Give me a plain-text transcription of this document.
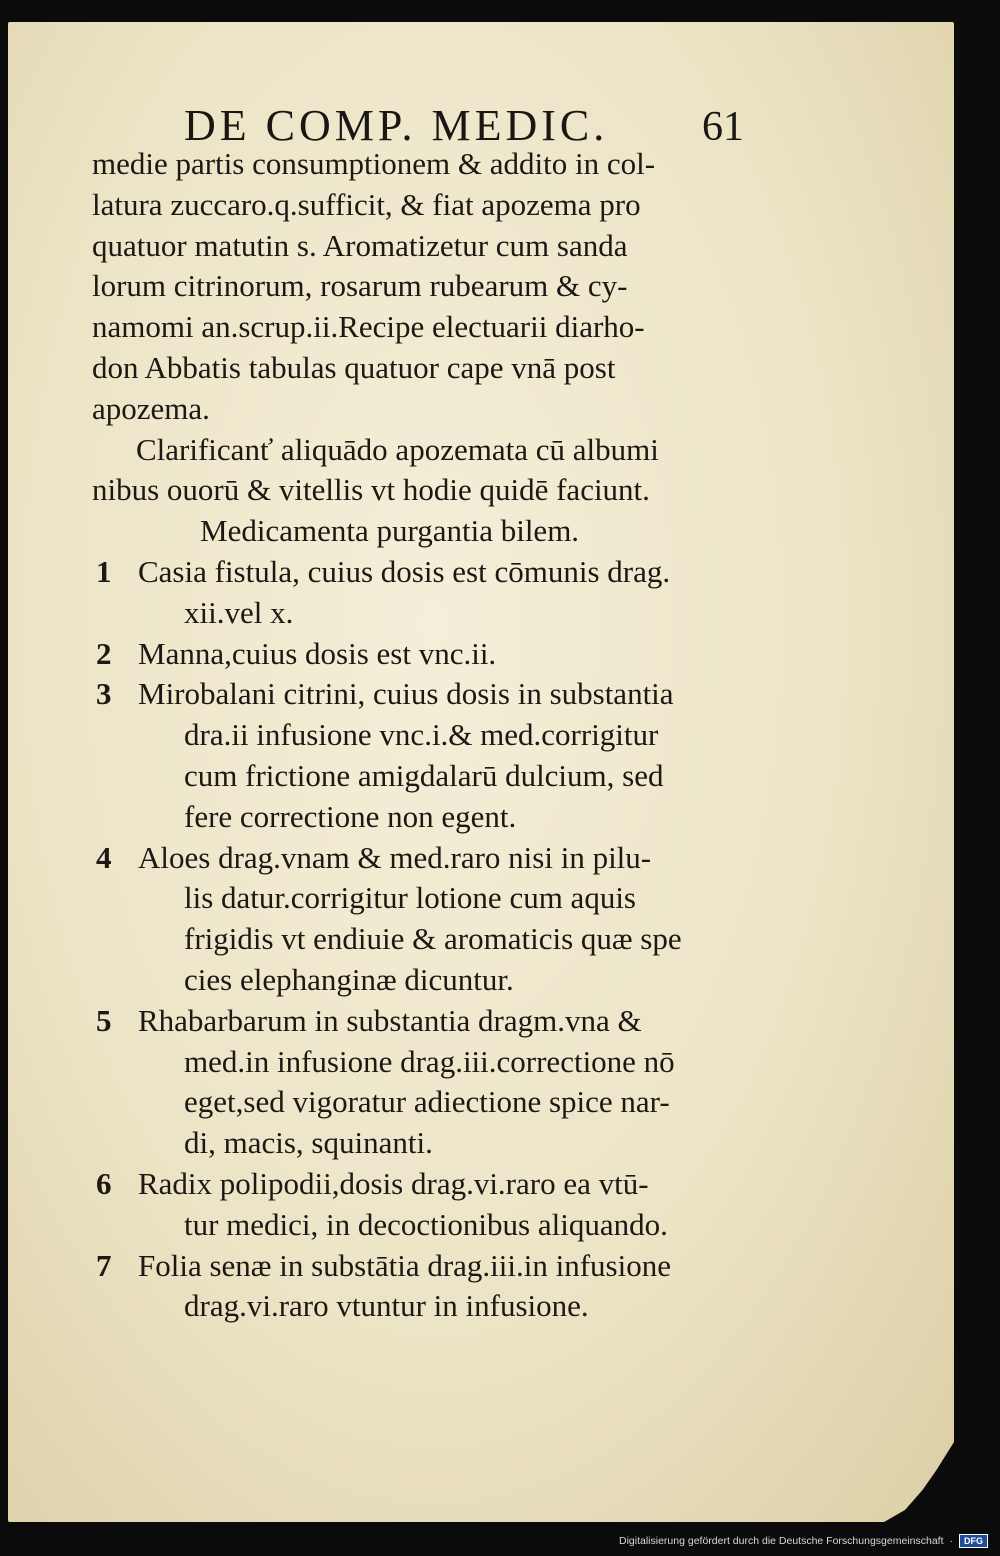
DE COMP. MEDIC. 61
medie partis consumptionem & addito in col-
latura zuccaro.q.sufficit, & fiat apozema pro
quatuor matutin s. Aromatizetur cum sanda
lorum citrinorum, rosarum rubearum & cy-
namomi an.scrup.ii.Recipe electuarii diarho-
don Abbatis tabulas quatuor cape vnā post
apozema.
Clarificanť aliquādo apozemata cū albumi
nibus ouorū & vitellis vt hodie quidē faciunt.
Medicamenta purgantia bilem.
1 Casia fistula, cuius dosis est cōmunis drag.
xii.vel x.
2 Manna,cuius dosis est vnc.ii.
3 Mirobalani citrini, cuius dosis in substantia
dra.ii infusione vnc.i.& med.corrigitur
cum frictione amigdalarū dulcium, sed
fere correctione non egent.
4 Aloes drag.vnam & med.raro nisi in pilu-
lis datur.corrigitur lotione cum aquis
frigidis vt endiuie & aromaticis quæ spe
cies elephanginæ dicuntur.
5 Rhabarbarum in substantia dragm.vna &
med.in infusione drag.iii.correctione nō
eget,sed vigoratur adiectione spice nar-
di, macis, squinanti.
6 Radix polipodii,dosis drag.vi.raro ea vtū-
tur medici, in decoctionibus aliquando.
7 Folia senæ in substātia drag.iii.in infusione
drag.vi.raro vtuntur in infusione.
Digitalisierung gefördert durch die Deutsche Forschungsgemeinschaft ·	DFG
